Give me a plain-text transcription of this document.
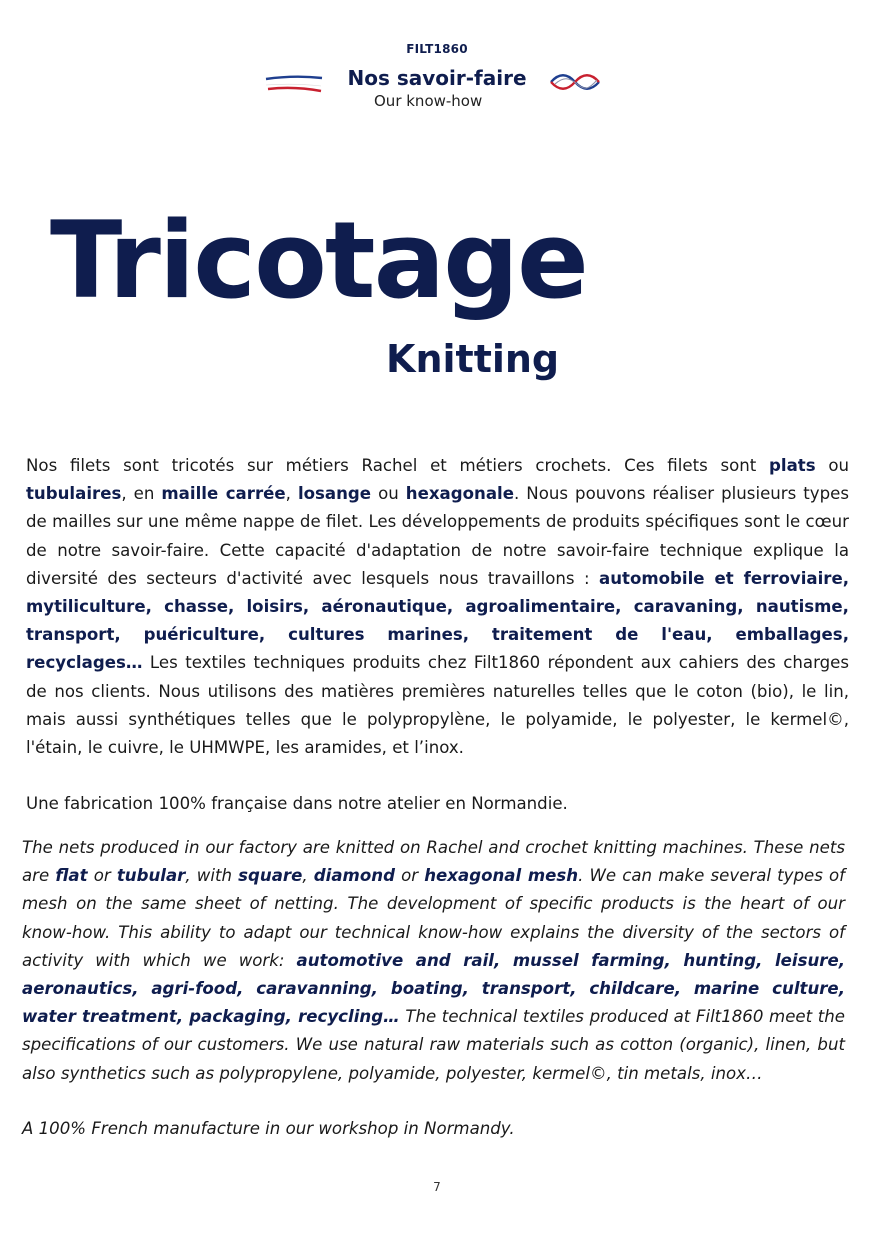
FILT1860
Nos savoir-faire
Our know-how
Tricotage
Knitting

Nos filets sont tricotés sur métiers Rachel et métiers crochets. Ces filets sont plats ou tubulaires, en maille carrée, losange ou hexagonale. Nous pouvons réaliser plusieurs types de mailles sur une même nappe de filet. Les développements de produits spécifiques sont le cœur de notre savoir-faire. Cette capacité d'adaptation de notre savoir-faire technique explique la diversité des secteurs d'activité avec lesquels nous travaillons : automobile et ferroviaire, mytiliculture, chasse, loisirs, aéronautique, agroalimentaire, caravaning, nautisme, transport, puériculture, cultures marines, traitement de l'eau, emballages, recyclages… Les textiles techniques produits chez Filt1860 répondent aux cahiers des charges de nos clients. Nous utilisons des matières premières naturelles telles que le coton (bio), le lin, mais aussi synthétiques telles que le polypropylène, le polyamide, le polyester, le kermel©, l'étain, le cuivre, le UHMWPE, les aramides, et l’inox.

Une fabrication 100% française dans notre atelier en Normandie.

The nets produced in our factory are knitted on Rachel and crochet knitting machines. These nets are flat or tubular, with square, diamond or hexagonal mesh. We can make several types of mesh on the same sheet of netting. The development of specific products is the heart of our know-how. This ability to adapt our technical know-how explains the diversity of the sectors of activity with which we work: automotive and rail, mussel farming, hunting, leisure, aeronautics, agri-food, caravanning, boating, transport, childcare, marine culture, water treatment, packaging, recycling… The technical textiles produced at Filt1860 meet the specifications of our customers. We use natural raw materials such as cotton (organic), linen, but also synthetics such as polypropylene, polyamide, polyester, kermel©, tin metals, inox…

A 100% French manufacture in our workshop in Normandy.

7
